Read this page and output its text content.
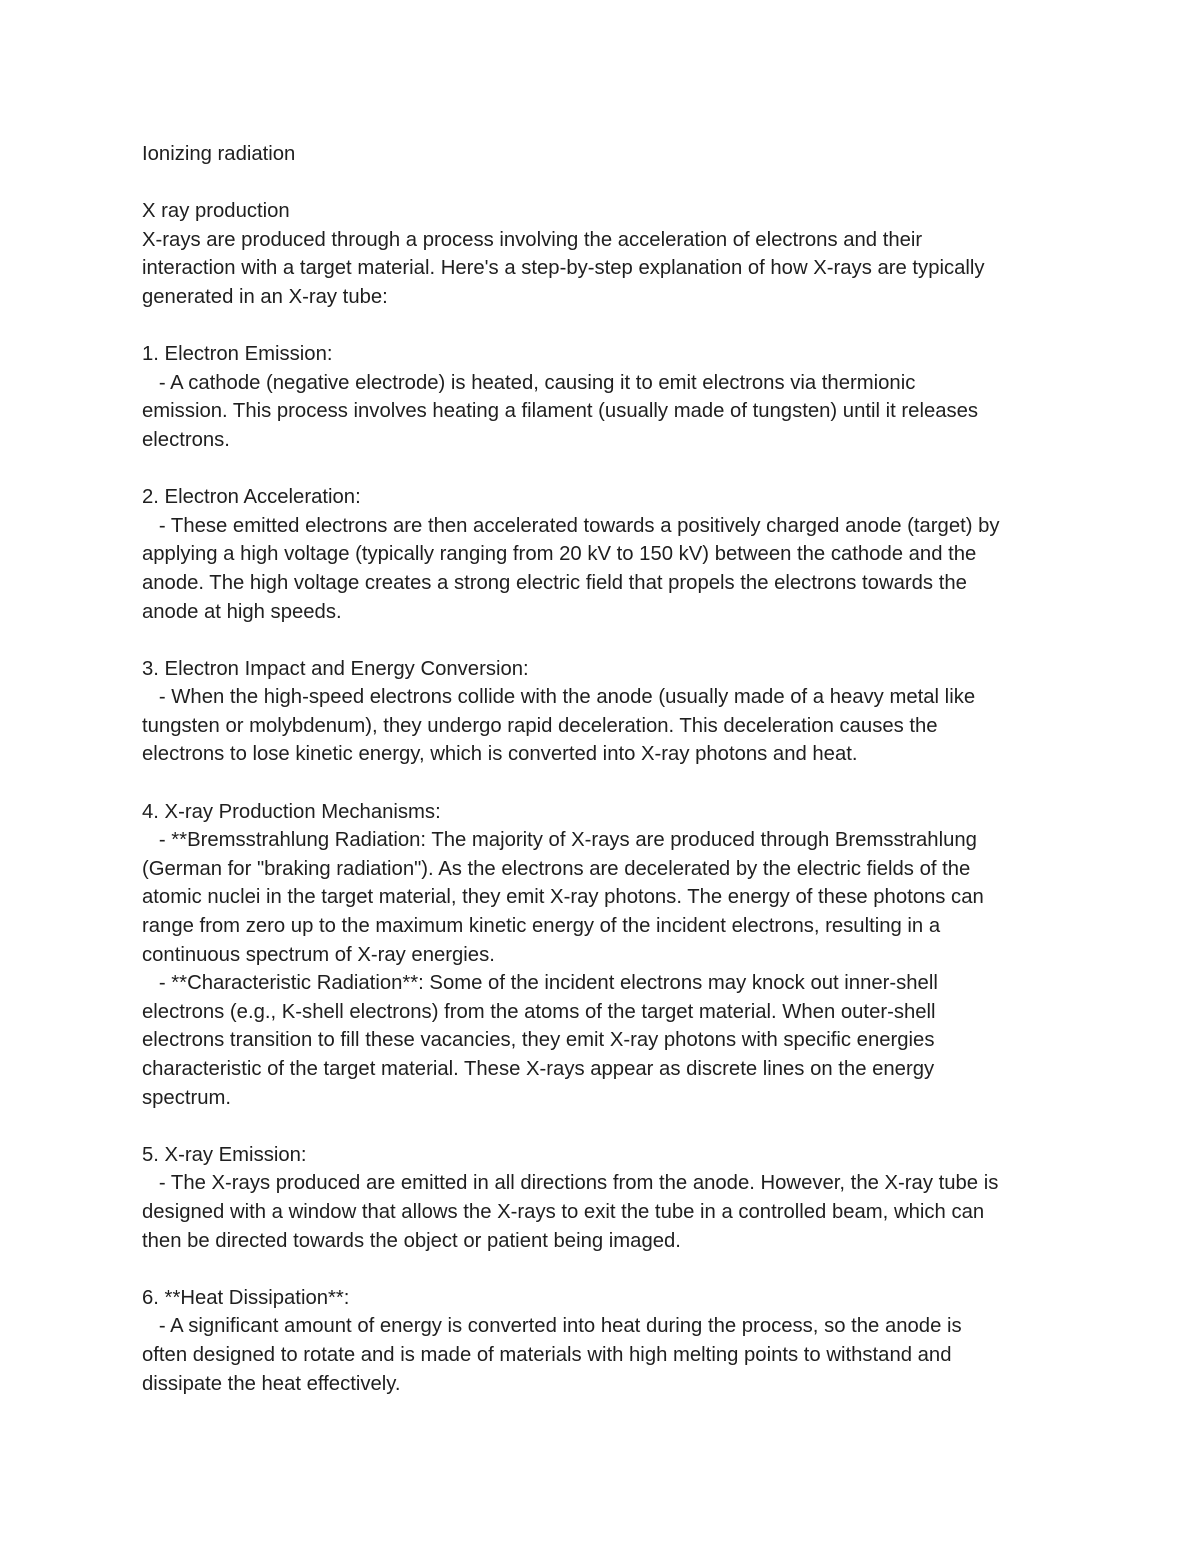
Ionizing radiation
X ray production
X-rays are produced through a process involving the acceleration of electrons and their
interaction with a target material. Here's a step-by-step explanation of how X-rays are typically
generated in an X-ray tube:
1. Electron Emission:
- A cathode (negative electrode) is heated, causing it to emit electrons via thermionic
emission. This process involves heating a filament (usually made of tungsten) until it releases
electrons.
2. Electron Acceleration:
- These emitted electrons are then accelerated towards a positively charged anode (target) by
applying a high voltage (typically ranging from 20 kV to 150 kV) between the cathode and the
anode. The high voltage creates a strong electric field that propels the electrons towards the
anode at high speeds.
3. Electron Impact and Energy Conversion:
- When the high-speed electrons collide with the anode (usually made of a heavy metal like
tungsten or molybdenum), they undergo rapid deceleration. This deceleration causes the
electrons to lose kinetic energy, which is converted into X-ray photons and heat.
4. X-ray Production Mechanisms:
- **Bremsstrahlung Radiation: The majority of X-rays are produced through Bremsstrahlung
(German for "braking radiation"). As the electrons are decelerated by the electric fields of the
atomic nuclei in the target material, they emit X-ray photons. The energy of these photons can
range from zero up to the maximum kinetic energy of the incident electrons, resulting in a
continuous spectrum of X-ray energies.
- **Characteristic Radiation**: Some of the incident electrons may knock out inner-shell
electrons (e.g., K-shell electrons) from the atoms of the target material. When outer-shell
electrons transition to fill these vacancies, they emit X-ray photons with specific energies
characteristic of the target material. These X-rays appear as discrete lines on the energy
spectrum.
5. X-ray Emission:
- The X-rays produced are emitted in all directions from the anode. However, the X-ray tube is
designed with a window that allows the X-rays to exit the tube in a controlled beam, which can
then be directed towards the object or patient being imaged.
6. **Heat Dissipation**:
- A significant amount of energy is converted into heat during the process, so the anode is
often designed to rotate and is made of materials with high melting points to withstand and
dissipate the heat effectively.
